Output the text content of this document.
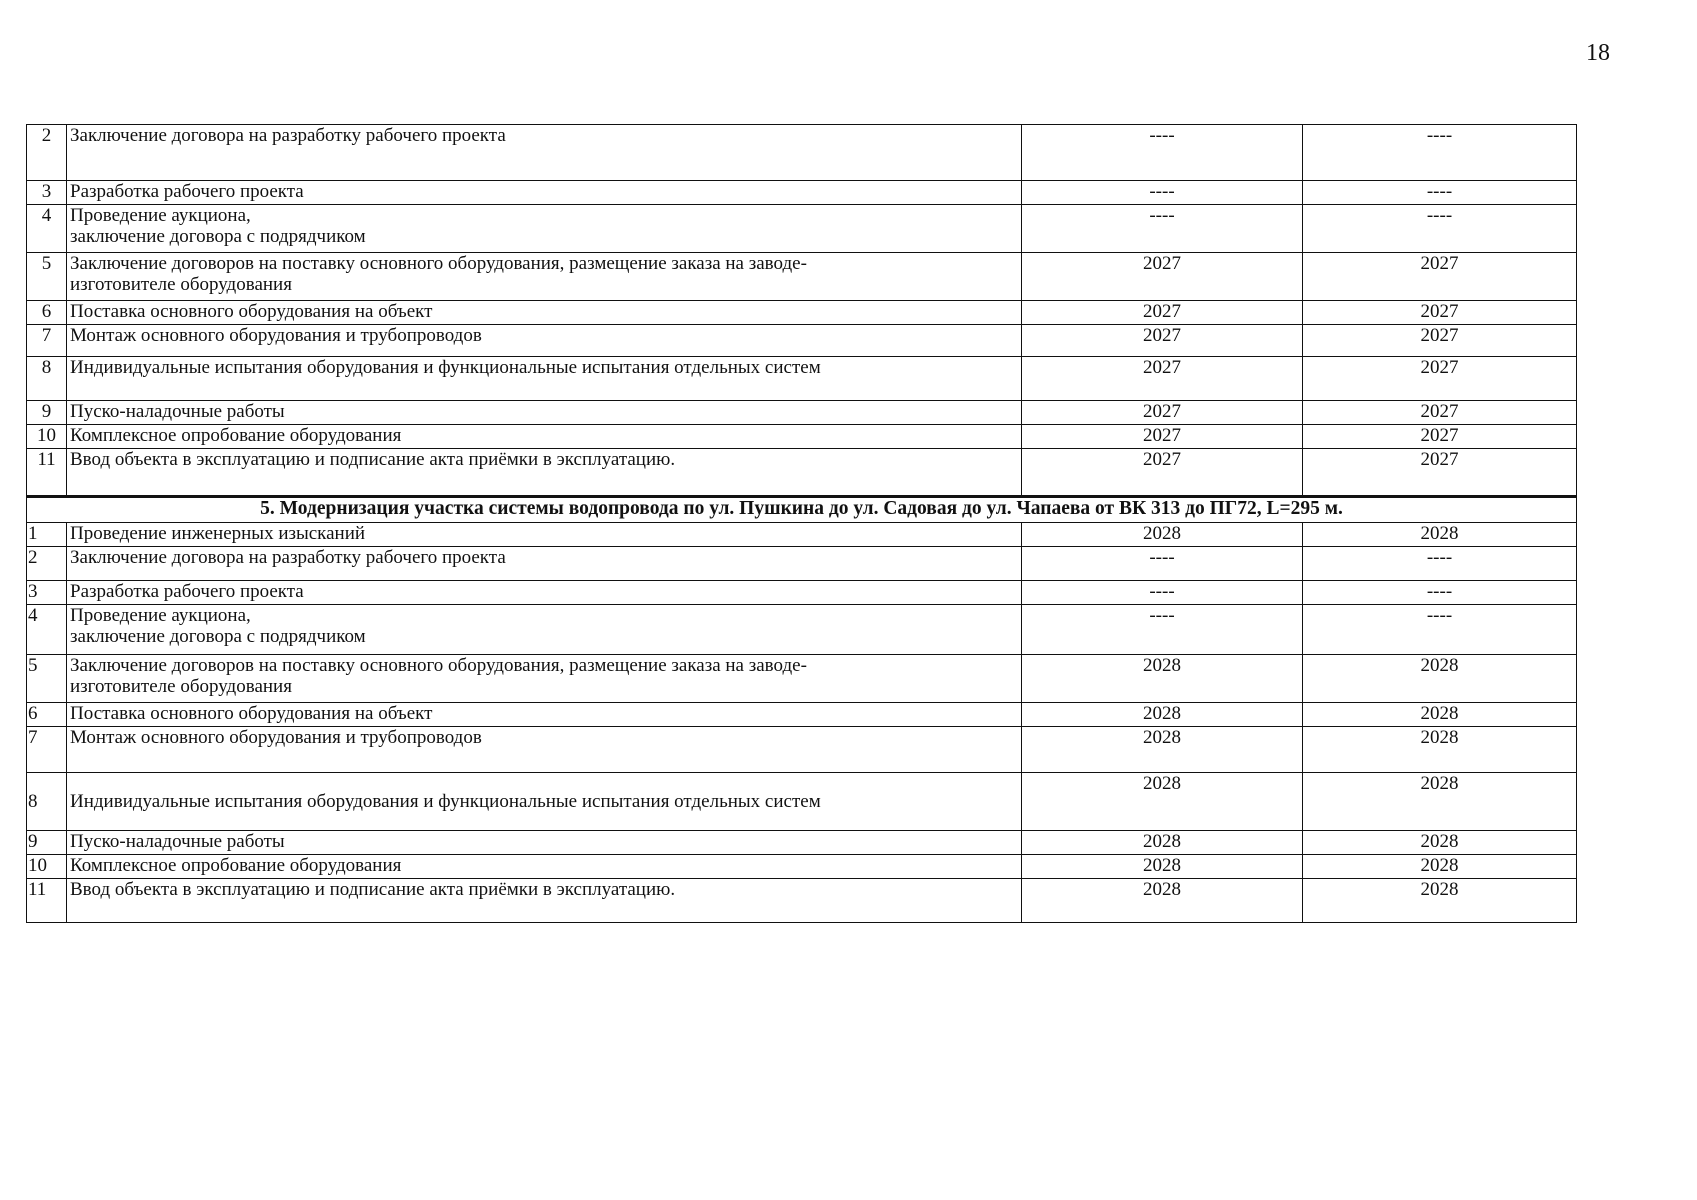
18
2	Заключение договора на разработку рабочего проекта	----	----
3	Разработка рабочего проекта	----	----
4	Проведение аукциона,
заключение договора с подрядчиком	----	----
5	Заключение договоров на поставку основного оборудования, размещение заказа на заводе-
изготовителе оборудования	2027	2027
6	Поставка основного оборудования на объект	2027	2027
7	Монтаж основного оборудования и трубопроводов	2027	2027
8	Индивидуальные испытания оборудования и функциональные испытания отдельных систем	2027	2027
9	Пуско-наладочные работы	2027	2027
10	Комплексное опробование оборудования	2027	2027
11	Ввод объекта в эксплуатацию и подписание акта приёмки в эксплуатацию.	2027	2027
5. Модернизация участка системы водопровода по ул. Пушкина до ул. Садовая до ул. Чапаева от ВК 313 до ПГ72, L=295 м.			
1	Проведение инженерных изысканий	2028	2028
2	Заключение договора на разработку рабочего проекта	----	----
3	Разработка рабочего проекта	----	----
4	Проведение аукциона,
заключение договора с подрядчиком	----	----
5	Заключение договоров на поставку основного оборудования, размещение заказа на заводе-
изготовителе оборудования	2028	2028
6	Поставка основного оборудования на объект	2028	2028
7	Монтаж основного оборудования и трубопроводов	2028	2028
8	Индивидуальные испытания оборудования и функциональные испытания отдельных систем	2028	2028
9	Пуско-наладочные работы	2028	2028
10	Комплексное опробование оборудования	2028	2028
11	Ввод объекта в эксплуатацию и подписание акта приёмки в эксплуатацию.	2028	2028
